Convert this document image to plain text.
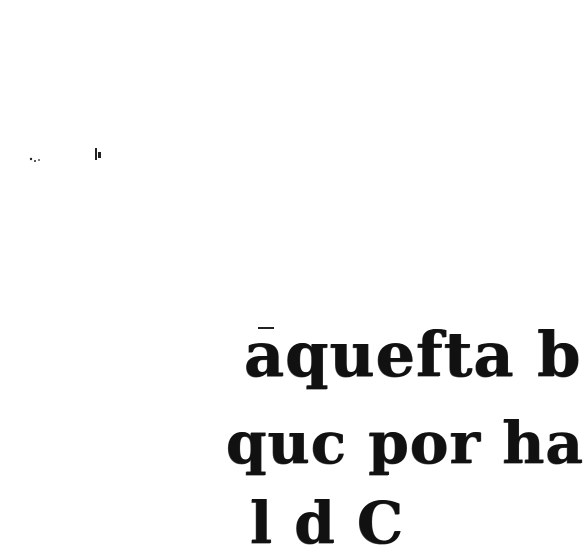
aquefta b
quc por ha
l d C
